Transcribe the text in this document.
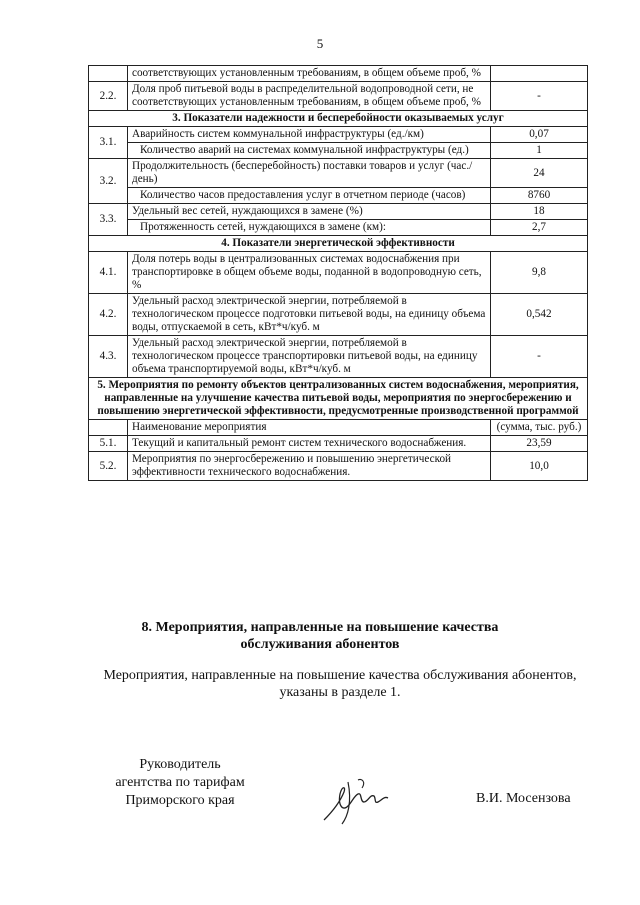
5
	соответствующих установленным требованиям, в общем объеме проб, %	
2.2.	Доля проб питьевой воды в распределительной водопроводной сети, не соответствующих установленным требованиям, в общем объеме проб, %	-
3. Показатели надежности и бесперебойности оказываемых услуг		
3.1.	Аварийность систем коммунальной инфраструктуры (ед./км)	0,07
	Количество аварий на системах коммунальной инфраструктуры (ед.)	1
3.2.	Продолжительность (бесперебойность) поставки товаров и услуг (час./день)	24
	Количество часов предоставления услуг в отчетном периоде (часов)	8760
3.3.	Удельный вес сетей, нуждающихся в замене (%)	18
	Протяженность сетей, нуждающихся в замене (км):	2,7
4. Показатели энергетической эффективности		
4.1.	Доля потерь воды в централизованных системах водоснабжения при транспортировке в общем объеме воды, поданной в водопроводную сеть, %	9,8
4.2.	Удельный расход электрической энергии, потребляемой в технологическом процессе подготовки питьевой воды, на единицу объема воды, отпускаемой в сеть, кВт*ч/куб. м	0,542
4.3.	Удельный расход электрической энергии, потребляемой в технологическом процессе транспортировки питьевой воды, на единицу объема транспортируемой воды, кВт*ч/куб. м	-
5. Мероприятия по ремонту объектов централизованных систем водоснабжения, мероприятия, направленные на улучшение качества питьевой воды, мероприятия по энергосбережению и повышению энергетической эффективности, предусмотренные производственной программой		
	Наименование мероприятия	(сумма, тыс. руб.)
5.1.	Текущий и капитальный ремонт систем технического водоснабжения.	23,59
5.2.	Мероприятия по энергосбережению и повышению энергетической эффективности технического водоснабжения.	10,0
8. Мероприятия, направленные на повышение качества
обслуживания абонентов
Мероприятия, направленные на повышение качества обслуживания абонентов,
указаны в разделе 1.
Руководитель
агентства по тарифам
Приморского края	В.И. Мосензова
